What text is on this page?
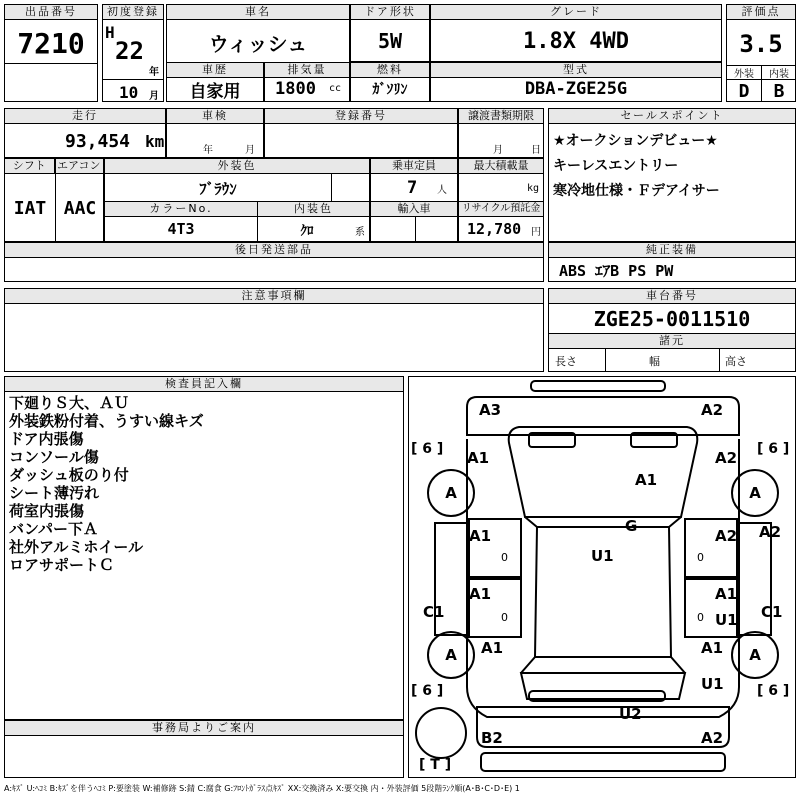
出品番号
7210
初度登録
H
22
年
10 月
車名
ウィッシュ
ドア形状
5W
グレード
1.8X 4WD
評価点
3.5
外装	内装
D	B
車歴
自家用
排気量
1800 cc
燃料
ｶﾞｿﾘﾝ
型式
DBA-ZGE25G
走行
93,454 km
車検
年	月
登録番号	譲渡書類期限
月	日
シフト	エアコン
IAT AAC
外装色
ﾌﾞﾗｳﾝ
カラーNo.	内装色
4T3	ｸﾛ	系
乗車定員
7 人
輸入車
最大積載量
kg
リサイクル預託金
12,780 円
後日発送部品
セールスポイント
★オークションデビュー★
キーレスエントリー
寒冷地仕様・Ｆデアイサー
純正装備
ABS ｴｱB PS PW
注意事項欄	車台番号
ZGE25-0011510
諸元
長さ	幅	高さ
検査員記入欄
下廻りＳ大、ＡＵ
外装鉄粉付着、うすい線キズ
ドア内張傷
コンソール傷
ダッシュ板のり付
シート薄汚れ
荷室内張傷
バンパー下Ａ
社外アルミホイール
ロアサポートＣ
事務局よりご案内
A	A
A	A
[ 6 ]	[ 6 ]
[ 6 ]	[ 6 ]
[ T ]
A3	A2
A1	A2
A1
G
A1	A2 A2
U1
A1	A1
U1
C1	C1
A1	A1
U1
U2
B2	A2
0	0
0	0
A:ｷｽﾞ U:ﾍｺﾐ B:ｷｽﾞを伴うﾍｺﾐ P:要塗装 W:補修跡 S:錆 C:腐食 G:ﾌﾛﾝﾄｶﾞﾗｽ点ｷｽﾞ XX:交換済み X:要交換 内・外装評価 5段階ﾗﾝｸ順(A･B･C･D･E) 1
